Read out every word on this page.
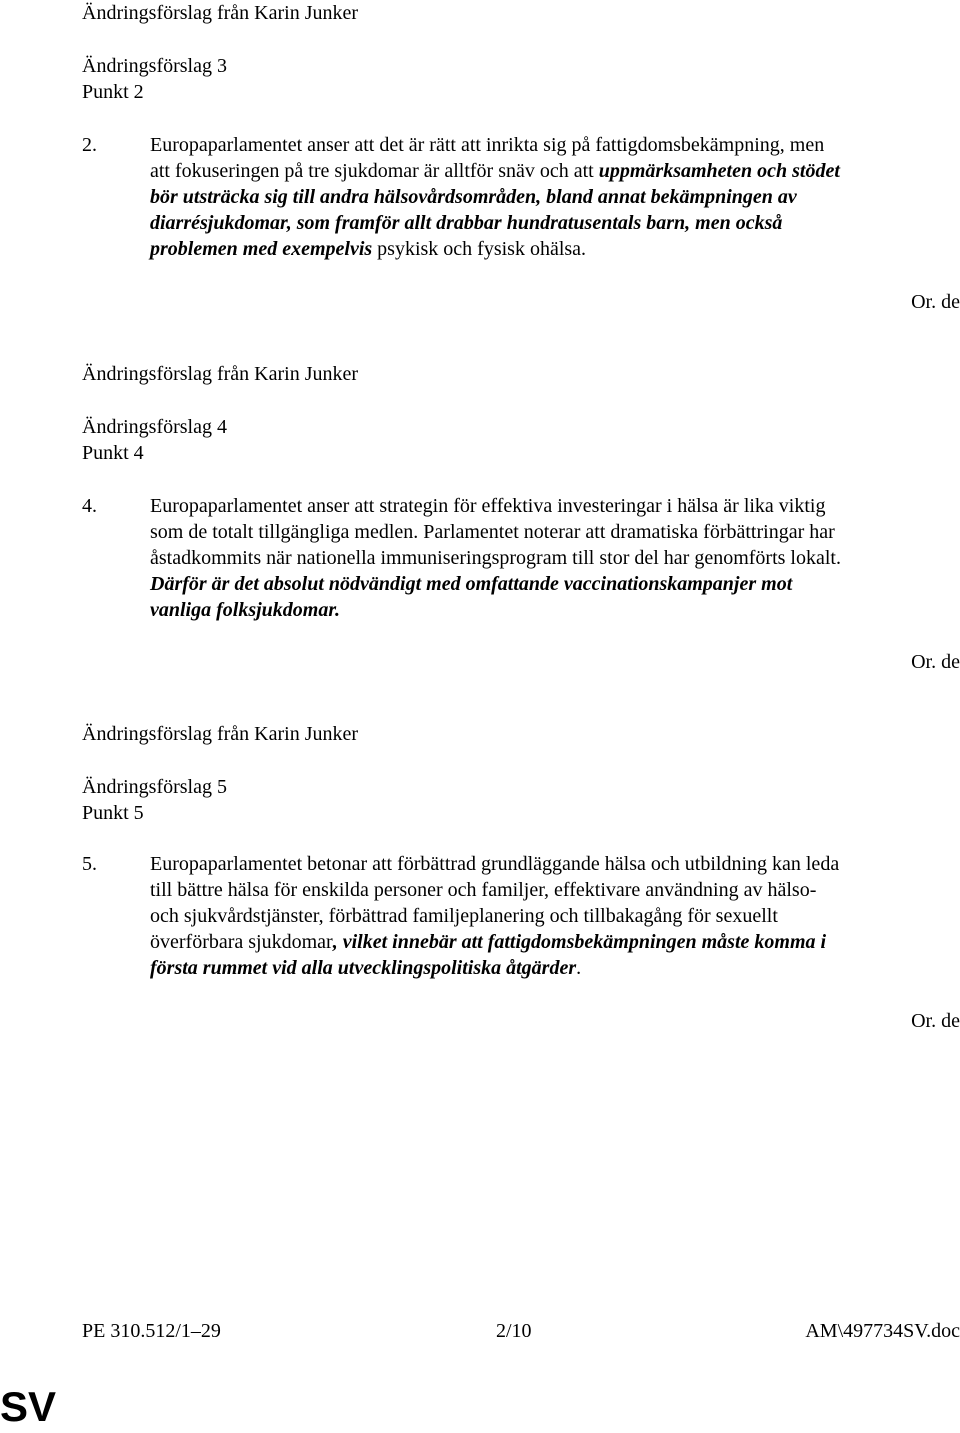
Ändringsförslag från Karin Junker
Ändringsförslag 3
Punkt 2
2.	Europaparlamentet anser att det är rätt att inrikta sig på fattigdomsbekämpning, men
att fokuseringen på tre sjukdomar är alltför snäv och att uppmärksamheten och stödet
bör utsträcka sig till andra hälsovårdsområden, bland annat bekämpningen av
diarrésjukdomar, som framför allt drabbar hundratusentals barn, men också
problemen med exempelvis psykisk och fysisk ohälsa.
Or. de
Ändringsförslag från Karin Junker
Ändringsförslag 4
Punkt 4
4.	Europaparlamentet anser att strategin för effektiva investeringar i hälsa är lika viktig
som de totalt tillgängliga medlen. Parlamentet noterar att dramatiska förbättringar har
åstadkommits när nationella immuniseringsprogram till stor del har genomförts lokalt.
Därför är det absolut nödvändigt med omfattande vaccinationskampanjer mot
vanliga folksjukdomar.
Or. de
Ändringsförslag från Karin Junker
Ändringsförslag 5
Punkt 5
5.	Europaparlamentet betonar att förbättrad grundläggande hälsa och utbildning kan leda
till bättre hälsa för enskilda personer och familjer, effektivare användning av hälso-
och sjukvårdstjänster, förbättrad familjeplanering och tillbakagång för sexuellt
överförbara sjukdomar, vilket innebär att fattigdomsbekämpningen måste komma i
första rummet vid alla utvecklingspolitiska åtgärder.
Or. de
PE 310.512/1–29	2/10	AM\497734SV.doc
SV
